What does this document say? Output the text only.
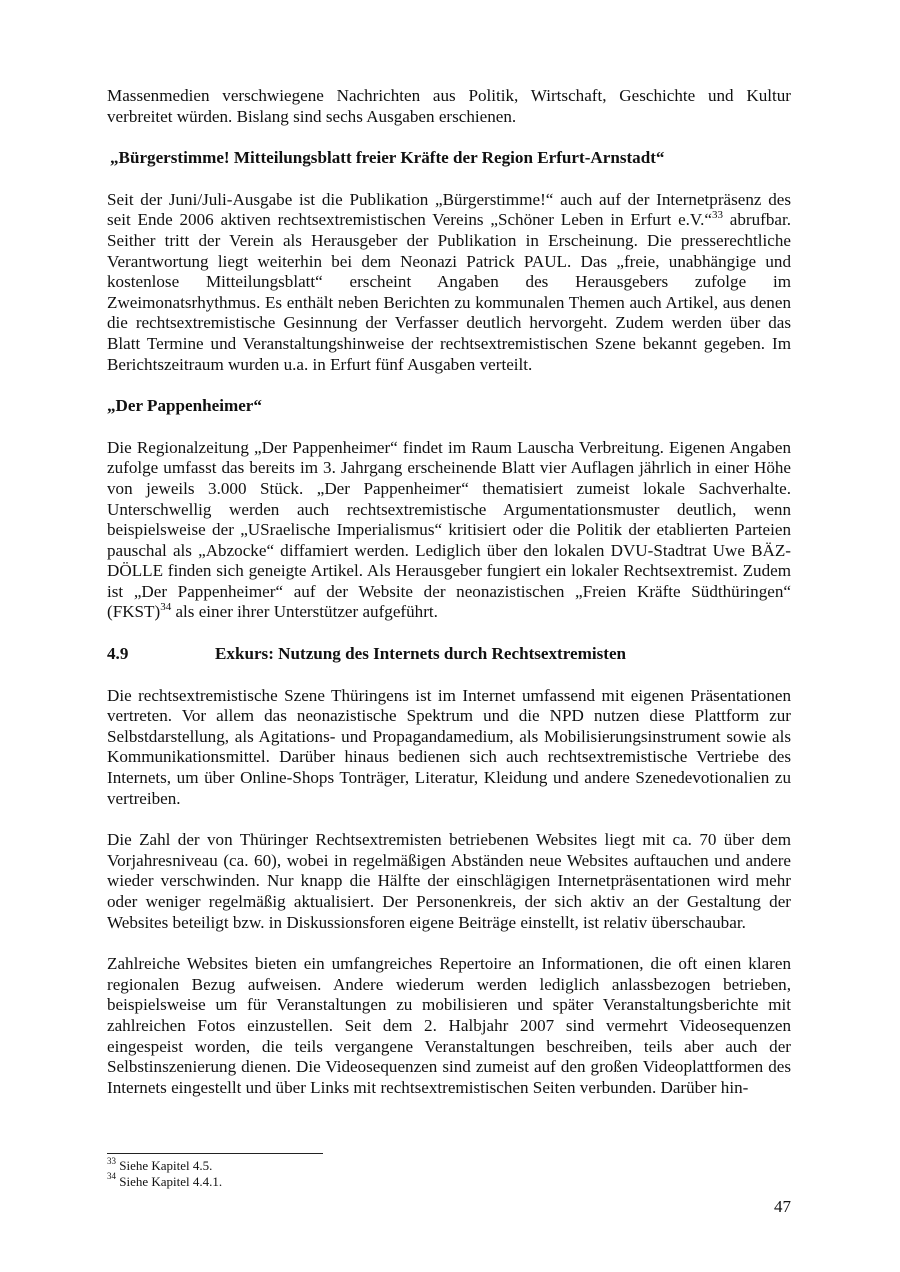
Massenmedien verschwiegene Nachrichten aus Politik, Wirtschaft, Geschichte und Kultur verbreitet würden. Bislang sind sechs Ausgaben erschienen.

„Bürgerstimme! Mitteilungsblatt freier Kräfte der Region Erfurt-Arnstadt“

Seit der Juni/Juli-Ausgabe ist die Publikation „Bürgerstimme!“ auch auf der Internetpräsenz des seit Ende 2006 aktiven rechtsextremistischen Vereins „Schöner Leben in Erfurt e.V.“$^{33}$ abrufbar. Seither tritt der Verein als Herausgeber der Publikation in Erscheinung. Die presserechtliche Verantwortung liegt weiterhin bei dem Neonazi Patrick PAUL. Das „freie, unabhängige und kostenlose Mitteilungsblatt“ erscheint Angaben des Herausgebers zufolge im Zweimonatsrhythmus. Es enthält neben Berichten zu kommunalen Themen auch Artikel, aus denen die rechtsextremistische Gesinnung der Verfasser deutlich hervorgeht. Zudem werden über das Blatt Termine und Veranstaltungshinweise der rechtsextremistischen Szene bekannt gegeben. Im Berichtszeitraum wurden u.a. in Erfurt fünf Ausgaben verteilt.

„Der Pappenheimer“

Die Regionalzeitung „Der Pappenheimer“ findet im Raum Lauscha Verbreitung. Eigenen Angaben zufolge umfasst das bereits im 3. Jahrgang erscheinende Blatt vier Auflagen jährlich in einer Höhe von jeweils 3.000 Stück. „Der Pappenheimer“ thematisiert zumeist lokale Sachverhalte. Unterschwellig werden auch rechtsextremistische Argumentationsmuster deutlich, wenn beispielsweise der „USraelische Imperialismus“ kritisiert oder die Politik der etablierten Parteien pauschal als „Abzocke“ diffamiert werden. Lediglich über den lokalen DVU-Stadtrat Uwe BÄZ-DÖLLE finden sich geneigte Artikel. Als Herausgeber fungiert ein lokaler Rechtsextremist. Zudem ist „Der Pappenheimer“ auf der Website der neonazistischen „Freien Kräfte Südthüringen“ (FKST)$^{34}$ als einer ihrer Unterstützer aufgeführt.

4.9	Exkurs: Nutzung des Internets durch Rechtsextremisten

Die rechtsextremistische Szene Thüringens ist im Internet umfassend mit eigenen Präsentationen vertreten. Vor allem das neonazistische Spektrum und die NPD nutzen diese Plattform zur Selbstdarstellung, als Agitations- und Propagandamedium, als Mobilisierungsinstrument sowie als Kommunikationsmittel. Darüber hinaus bedienen sich auch rechtsextremistische Vertriebe des Internets, um über Online-Shops Tonträger, Literatur, Kleidung und andere Szenedevotionalien zu vertreiben.

Die Zahl der von Thüringer Rechtsextremisten betriebenen Websites liegt mit ca. 70 über dem Vorjahresniveau (ca. 60), wobei in regelmäßigen Abständen neue Websites auftauchen und andere wieder verschwinden. Nur knapp die Hälfte der einschlägigen Internetpräsentationen wird mehr oder weniger regelmäßig aktualisiert. Der Personenkreis, der sich aktiv an der Gestaltung der Websites beteiligt bzw. in Diskussionsforen eigene Beiträge einstellt, ist relativ überschaubar.

Zahlreiche Websites bieten ein umfangreiches Repertoire an Informationen, die oft einen klaren regionalen Bezug aufweisen. Andere wiederum werden lediglich anlassbezogen betrieben, beispielsweise um für Veranstaltungen zu mobilisieren und später Veranstaltungsberichte mit zahlreichen Fotos einzustellen. Seit dem 2. Halbjahr 2007 sind vermehrt Videosequenzen eingespeist worden, die teils vergangene Veranstaltungen beschreiben, teils aber auch der Selbstinszenierung dienen. Die Videosequenzen sind zumeist auf den großen Videoplattformen des Internets eingestellt und über Links mit rechtsextremistischen Seiten verbunden. Darüber hin-

$^{33}$ Siehe Kapitel 4.5.
$^{34}$ Siehe Kapitel 4.4.1.
47
